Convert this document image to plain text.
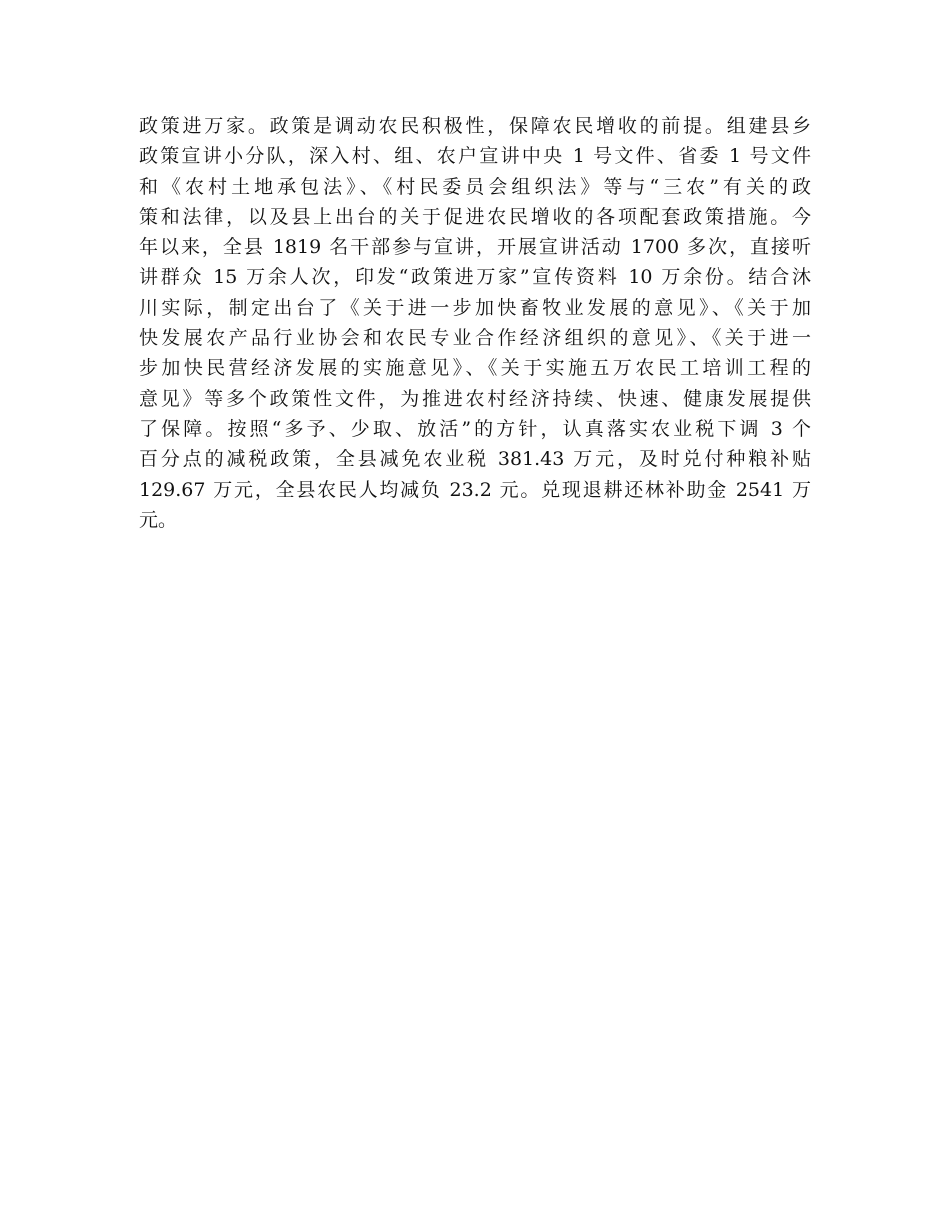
政策进万家。政策是调动农民积极性，保障农民增收的前提。组建县乡
政策宣讲小分队，深入村、组、农户宣讲中央 1 号文件、省委 1 号文件
和《农村土地承包法》、《村民委员会组织法》等与“三农”有关的政
策和法律，以及县上出台的关于促进农民增收的各项配套政策措施。今
年以来，全县 1819 名干部参与宣讲，开展宣讲活动 1700 多次，直接听
讲群众 15 万余人次，印发“政策进万家”宣传资料 10 万余份。结合沐
川实际，制定出台了《关于进一步加快畜牧业发展的意见》、《关于加
快发展农产品行业协会和农民专业合作经济组织的意见》、《关于进一
步加快民营经济发展的实施意见》、《关于实施五万农民工培训工程的
意见》等多个政策性文件，为推进农村经济持续、快速、健康发展提供
了保障。按照“多予、少取、放活”的方针，认真落实农业税下调 3 个
百分点的减税政策，全县减免农业税 381.43 万元，及时兑付种粮补贴
129.67 万元，全县农民人均减负 23.2 元。兑现退耕还林补助金 2541 万
元。
